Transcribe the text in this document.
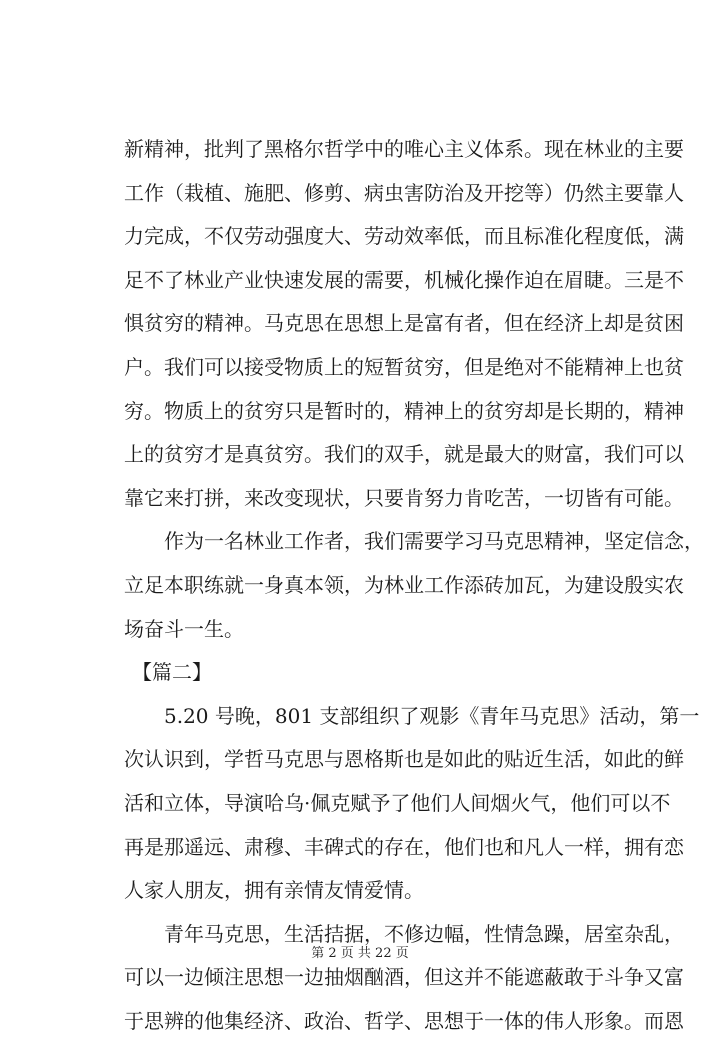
新精神，批判了黑格尔哲学中的唯心主义体系。现在林业的主要
工作（栽植、施肥、修剪、病虫害防治及开挖等）仍然主要靠人
力完成，不仅劳动强度大、劳动效率低，而且标准化程度低，满
足不了林业产业快速发展的需要，机械化操作迫在眉睫。三是不
惧贫穷的精神。马克思在思想上是富有者，但在经济上却是贫困
户。我们可以接受物质上的短暂贫穷，但是绝对不能精神上也贫
穷。物质上的贫穷只是暂时的，精神上的贫穷却是长期的，精神
上的贫穷才是真贫穷。我们的双手，就是最大的财富，我们可以
靠它来打拼，来改变现状，只要肯努力肯吃苦，一切皆有可能。
作为一名林业工作者，我们需要学习马克思精神，坚定信念，
立足本职练就一身真本领，为林业工作添砖加瓦，为建设殷实农
场奋斗一生。
【篇二】
5.20 号晚，801 支部组织了观影《青年马克思》活动，第一
次认识到，学哲马克思与恩格斯也是如此的贴近生活，如此的鲜
活和立体，导演哈乌·佩克赋予了他们人间烟火气，他们可以不
再是那遥远、肃穆、丰碑式的存在，他们也和凡人一样，拥有恋
人家人朋友，拥有亲情友情爱情。
青年马克思，生活拮据，不修边幅，性情急躁，居室杂乱，
可以一边倾注思想一边抽烟酗酒，但这并不能遮蔽敢于斗争又富
于思辨的他集经济、政治、哲学、思想于一体的伟人形象。而恩
第 2 页 共 22 页
